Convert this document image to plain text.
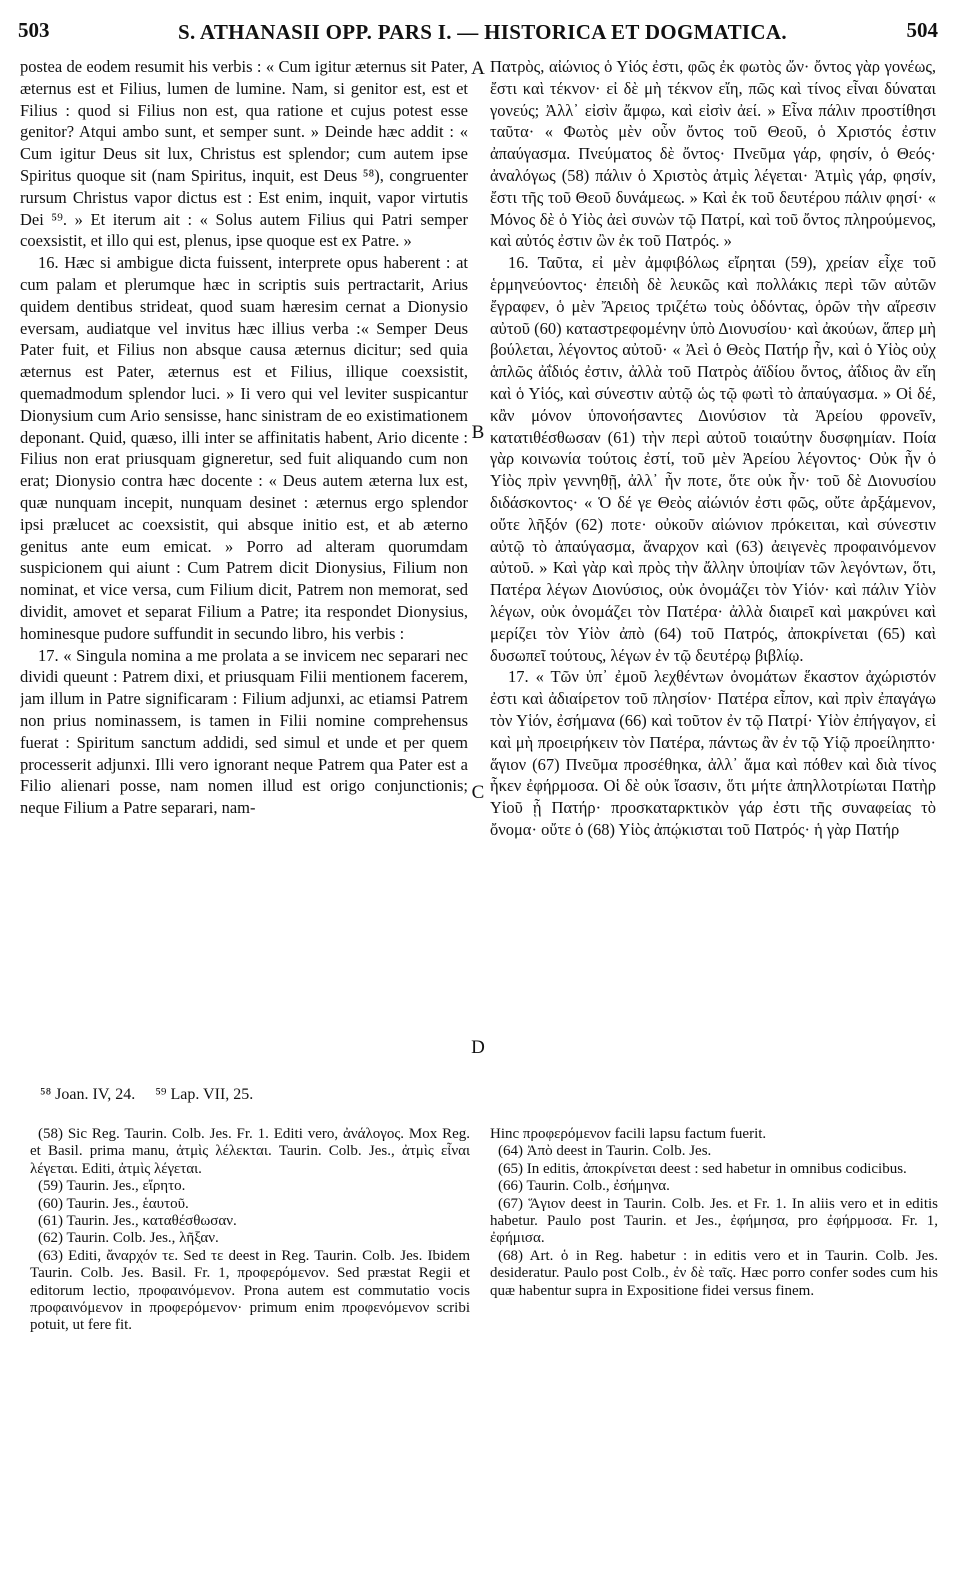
503	S. ATHANASII OPP. PARS I. — HISTORICA ET DOGMATICA.	504

postea de eodem resumit his verbis : « Cum igitur æternus sit Pater, æternus est et Filius, lumen de lumine. Nam, si genitor est, est et Filius : quod si Filius non est, qua ratione et cujus potest esse genitor? Atqui ambo sunt, et semper sunt. » Deinde hæc addit : « Cum igitur Deus sit lux, Christus est splendor; cum autem ipse Spiritus quoque sit (nam Spiritus, inquit, est Deus ⁵⁸), congruenter rursum Christus vapor dictus est : Est enim, inquit, vapor virtutis Dei ⁵⁹. » Et iterum ait : « Solus autem Filius qui Patri semper coexsistit, et illo qui est, plenus, ipse quoque est ex Patre. »

16. Hæc si ambigue dicta fuissent, interprete opus haberent : at cum palam et plerumque hæc in scriptis suis pertractarit, Arius quidem dentibus strideat, quod suam hæresim cernat a Dionysio eversam, audiatque vel invitus hæc illius verba :« Semper Deus Pater fuit, et Filius non absque causa æternus dicitur; sed quia æternus est Pater, æternus est et Filius, illique coexsistit, quemadmodum splendor luci. » Ii vero qui vel leviter suspicantur Dionysium cum Ario sensisse, hanc sinistram de eo existimationem deponant. Quid, quæso, illi inter se affinitatis habent, Ario dicente : Filius non erat priusquam gigneretur, sed fuit aliquando cum non erat; Dionysio contra hæc docente : « Deus autem æterna lux est, quæ nunquam incepit, nunquam desinet : æternus ergo splendor ipsi prælucet ac coexsistit, qui absque initio est, et ab æterno genitus ante eum emicat. » Porro ad alteram quorumdam suspicionem qui aiunt : Cum Patrem dicit Dionysius, Filium non nominat, et vice versa, cum Filium dicit, Patrem non memorat, sed dividit, amovet et separat Filium a Patre; ita respondet Dionysius, hominesque pudore suffundit in secundo libro, his verbis :

17. « Singula nomina a me prolata a se invicem nec separari nec dividi queunt : Patrem dixi, et priusquam Filii mentionem facerem, jam illum in Patre significaram : Filium adjunxi, ac etiamsi Patrem non prius nominassem, is tamen in Filii nomine comprehensus fuerat : Spiritum sanctum addidi, sed simul et unde et per quem processerit adjunxi. Illi vero ignorant neque Patrem qua Pater est a Filio alienari posse, nam nomen illud est origo conjunctionis; neque Filium a Patre separari, nam-

A
B
C
D

Πατρὸς, αἰώνιος ὁ Υἱός ἐστι, φῶς ἐκ φωτὸς ὤν· ὄντος γὰρ γονέως, ἔστι καὶ τέκνον· εἰ δὲ μὴ τέκνον εἴη, πῶς καὶ τίνος εἶναι δύναται γονεύς; Ἀλλ᾽ εἰσὶν ἄμφω, καὶ εἰσὶν ἀεί. » Εἶνα πάλιν προστίθησι ταῦτα· « Φωτὸς μὲν οὖν ὄντος τοῦ Θεοῦ, ὁ Χριστός ἐστιν ἀπαύγασμα. Πνεύματος δὲ ὄντος· Πνεῦμα γάρ, φησίν, ὁ Θεός· ἀναλόγως (58) πάλιν ὁ Χριστὸς ἀτμὶς λέγεται· Ἀτμὶς γάρ, φησίν, ἔστι τῆς τοῦ Θεοῦ δυνάμεως. » Καὶ ἐκ τοῦ δευτέρου πάλιν φησί· « Μόνος δὲ ὁ Υἱὸς ἀεὶ συνὼν τῷ Πατρί, καὶ τοῦ ὄντος πληρούμενος, καὶ αὐτός ἐστιν ὢν ἐκ τοῦ Πατρός. »

16. Ταῦτα, εἰ μὲν ἀμφιβόλως εἴρηται (59), χρείαν εἶχε τοῦ ἑρμηνεύοντος· ἐπειδὴ δὲ λευκῶς καὶ πολλάκις περὶ τῶν αὐτῶν ἔγραφεν, ὁ μὲν Ἄρειος τριζέτω τοὺς ὀδόντας, ὁρῶν τὴν αἵρεσιν αὐτοῦ (60) καταστρεφομένην ὑπὸ Διονυσίου· καὶ ἀκούων, ἅπερ μὴ βούλεται, λέγοντος αὐτοῦ· « Ἀεὶ ὁ Θεὸς Πατήρ ἦν, καὶ ὁ Υἱὸς οὐχ ἁπλῶς ἀΐδιός ἐστιν, ἀλλὰ τοῦ Πατρὸς ἀϊδίου ὄντος, ἀΐδιος ἂν εἴη καὶ ὁ Υἱός, καὶ σύνεστιν αὐτῷ ὡς τῷ φωτὶ τὸ ἀπαύγασμα. » Οἱ δέ, κἂν μόνον ὑπονοήσαντες Διονύσιον τὰ Ἀρείου φρονεῖν, κατατιθέσθωσαν (61) τὴν περὶ αὐτοῦ τοιαύτην δυσφημίαν. Ποία γὰρ κοινωνία τούτοις ἐστί, τοῦ μὲν Ἀρείου λέγοντος· Οὐκ ἦν ὁ Υἱὸς πρὶν γεννηθῇ, ἀλλ᾽ ἦν ποτε, ὅτε οὐκ ἦν· τοῦ δὲ Διονυσίου διδάσκοντος· « Ὁ δέ γε Θεὸς αἰώνιόν ἐστι φῶς, οὔτε ἀρξάμενον, οὔτε λῆξόν (62) ποτε· οὐκοῦν αἰώνιον πρόκειται, καὶ σύνεστιν αὐτῷ τὸ ἀπαύγασμα, ἄναρχον καὶ (63) ἀειγενὲς προφαινόμενον αὐτοῦ. » Καὶ γὰρ καὶ πρὸς τὴν ἄλλην ὑποψίαν τῶν λεγόντων, ὅτι, Πατέρα λέγων Διονύσιος, οὐκ ὀνομάζει τὸν Υἱόν· καὶ πάλιν Υἱὸν λέγων, οὐκ ὀνομάζει τὸν Πατέρα· ἀλλὰ διαιρεῖ καὶ μακρύνει καὶ μερίζει τὸν Υἱὸν ἀπὸ (64) τοῦ Πατρός, ἀποκρίνεται (65) καὶ δυσωπεῖ τούτους, λέγων ἐν τῷ δευτέρῳ βιβλίῳ.

17. « Τῶν ὑπ᾽ ἐμοῦ λεχθέντων ὀνομάτων ἕκαστον ἀχώριστόν ἐστι καὶ ἀδιαίρετον τοῦ πλησίον· Πατέρα εἶπον, καὶ πρὶν ἐπαγάγω τὸν Υἱόν, ἐσήμανα (66) καὶ τοῦτον ἐν τῷ Πατρί· Υἱὸν ἐπήγαγον, εἰ καὶ μὴ προειρήκειν τὸν Πατέρα, πάντως ἂν ἐν τῷ Υἱῷ προείληπτο· ἅγιον (67) Πνεῦμα προσέθηκα, ἀλλ᾽ ἅμα καὶ πόθεν καὶ διὰ τίνος ἧκεν ἐφήρμοσα. Οἱ δὲ οὐκ ἴσασιν, ὅτι μήτε ἀπηλλοτρίωται Πατὴρ Υἱοῦ ᾗ Πατήρ· προσκαταρκτικὸν γάρ ἐστι τῆς συναφείας τὸ ὄνομα· οὔτε ὁ (68) Υἱὸς ἀπῴκισται τοῦ Πατρός· ἡ γὰρ Πατήρ

⁵⁸ Joan. IV, 24. ⁵⁹ Lap. VII, 25.

(58) Sic Reg. Taurin. Colb. Jes. Fr. 1. Editi vero, ἀνάλογος. Mox Reg. et Basil. prima manu, ἀτμὶς λέλεκται. Taurin. Colb. Jes., ἀτμὶς εἶναι λέγεται. Editi, ἀτμὶς λέγεται.

(59) Taurin. Jes., εἴρητο.

(60) Taurin. Jes., ἑαυτοῦ.

(61) Taurin. Jes., καταθέσθωσαν.

(62) Taurin. Colb. Jes., λῆξαν.

(63) Editi, ἄναρχόν τε. Sed τε deest in Reg. Taurin. Colb. Jes. Ibidem Taurin. Colb. Jes. Basil. Fr. 1, προφερόμενον. Sed præstat Regii et editorum lectio, προφαινόμενον. Prona autem est commutatio vocis προφαινόμενον in προφερόμενον· primum enim προφενόμενον scribi potuit, ut fere fit.

Hinc προφερόμενον facili lapsu factum fuerit.

(64) Ἀπὸ deest in Taurin. Colb. Jes.

(65) In editis, ἀποκρίνεται deest : sed habetur in omnibus codicibus.

(66) Taurin. Colb., ἐσήμηνα.

(67) Ἅγιον deest in Taurin. Colb. Jes. et Fr. 1. In aliis vero et in editis habetur. Paulo post Taurin. et Jes., ἐφήμησα, pro ἐφήρμοσα. Fr. 1, ἐφήμισα.

(68) Art. ὁ in Reg. habetur : in editis vero et in Taurin. Colb. Jes. desideratur. Paulo post Colb., ἐν δὲ ταῖς. Hæc porro confer sodes cum his quæ habentur supra in Expositione fidei versus finem.
